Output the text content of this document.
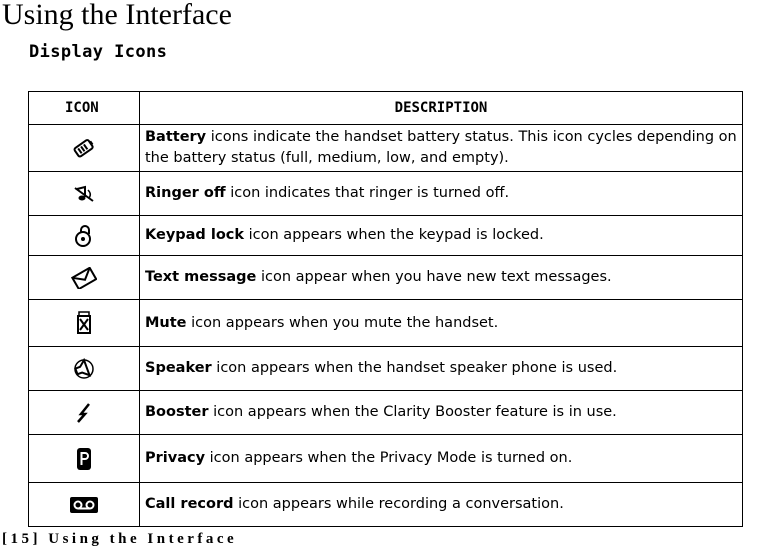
Using the Interface
Display Icons
ICON	DESCRIPTION
	Battery icons indicate the handset battery status. This icon cycles depending on the battery status (full, medium, low, and empty).
	Ringer off icon indicates that ringer is turned off.
	Keypad lock icon appears when the keypad is locked.
	Text message icon appear when you have new text messages.
	Mute icon appears when you mute the handset.
	Speaker icon appears when the handset speaker phone is used.
	Booster icon appears when the Clarity Booster feature is in use.
	Privacy icon appears when the Privacy Mode is turned on.
	Call record icon appears while recording a conversation.
[15] Using the Interface
